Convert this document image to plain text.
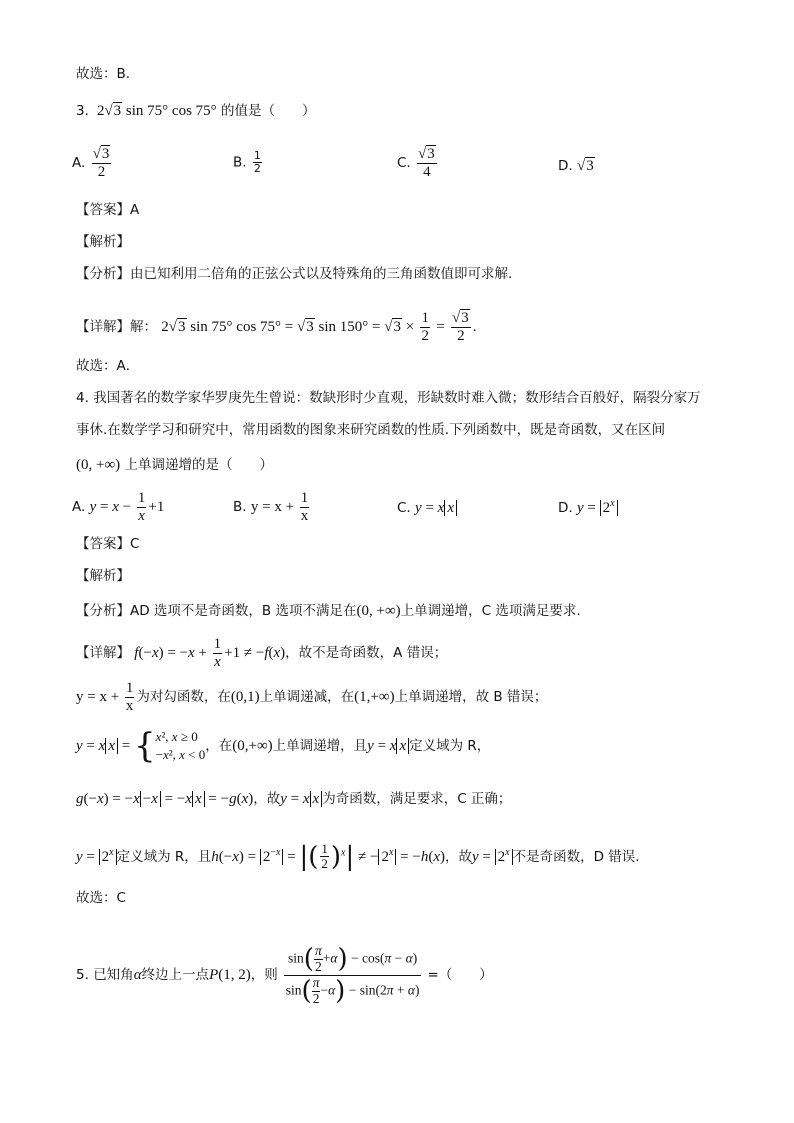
故选：B.
3.  2√3 sin 75° cos 75° 的值是（　　）
A. $\frac{√3}{2}$	B. $\frac{1}{2}$	C. $\frac{√3}{4}$	D. √3
【答案】A
【解析】
【分析】由已知利用二倍角的正弦公式以及特殊角的三角函数值即可求解．
【详解】解： 2√3 sin 75° cos 75° = √3 $\sin 150^\circ = √3 \times \frac{1}{2} = \frac{√3}{2}$ .
故选：A．
4. 我国著名的数学家华罗庚先生曾说：数缺形时少直观，形缺数时难入微；数形结合百般好，隔裂分家万
事休.在数学学习和研究中，常用函数的图象来研究函数的性质.下列函数中，既是奇函数，又在区间
(0, +∞) 上单调递增的是（　　）
A. $y = x - \frac{1}{x} +1$	B. $y = x + \frac{1}{x}$	C. y = x x	D. $y = 2^x$
【答案】C
【解析】
【分析】AD 选项不是奇函数，B 选项不满足在(0, +∞)上单调递增，C 选项满足要求.
【详解】 $f(-x) = -x + \frac{1}{x} +1 \ne -f(x)$，故不是奇函数，A 错误；
$y = x + \frac{1}{x}$ 为对勾函数，在(0,1)上单调递减，在(1,+∞)上单调递增，故 B 错误；
y = x x = { x², x ≥ 0
−x², x < 0
，在(0,+∞)上单调递增，且y = x x 定义域为 R，
g(−x) = −x −x = −x x = −g(x)，故y = x x 为奇函数，满足要求，C 正确；
$y = 2^x$ 定义域为 R，且$h(-x) = 2^{-x}$ = |( $\frac{1}{2} )^x|$ ≠ − $2^x = -h(x)$，故$y = 2^x$ 不是奇函数，D 错误.
故选：C
5. 已知角α终边上一点P(1, 2)，则 $\frac{\sin( \frac{\pi}{2} +\alpha) - \cos(\pi - \alpha)}{\sin( \frac{\pi}{2} -\alpha) - \sin(2\pi + \alpha)}$ =（　　）
